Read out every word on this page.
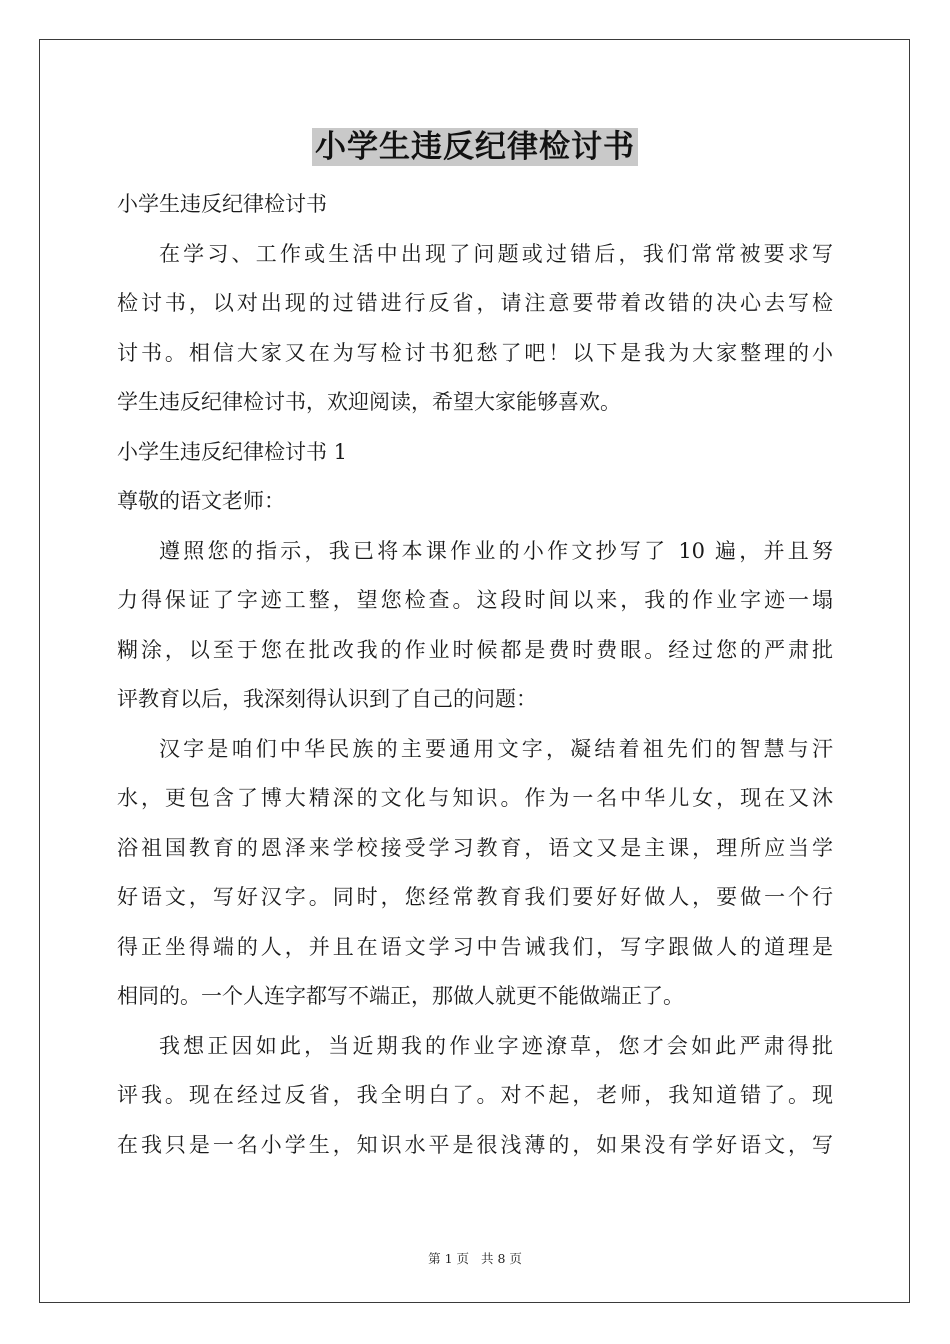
小学生违反纪律检讨书

小学生违反纪律检讨书

在学习、工作或生活中出现了问题或过错后，我们常常被要求写
检讨书，以对出现的过错进行反省，请注意要带着改错的决心去写检
讨书。相信大家又在为写检讨书犯愁了吧！以下是我为大家整理的小
学生违反纪律检讨书，欢迎阅读，希望大家能够喜欢。

小学生违反纪律检讨书 1

尊敬的语文老师：

遵照您的指示，我已将本课作业的小作文抄写了 10 遍，并且努
力得保证了字迹工整，望您检查。这段时间以来，我的作业字迹一塌
糊涂，以至于您在批改我的作业时候都是费时费眼。经过您的严肃批
评教育以后，我深刻得认识到了自己的问题：

汉字是咱们中华民族的主要通用文字，凝结着祖先们的智慧与汗
水，更包含了博大精深的文化与知识。作为一名中华儿女，现在又沐
浴祖国教育的恩泽来学校接受学习教育，语文又是主课，理所应当学
好语文，写好汉字。同时，您经常教育我们要好好做人，要做一个行
得正坐得端的人，并且在语文学习中告诫我们，写字跟做人的道理是
相同的。一个人连字都写不端正，那做人就更不能做端正了。

我想正因如此，当近期我的作业字迹潦草，您才会如此严肃得批
评我。现在经过反省，我全明白了。对不起，老师，我知道错了。现
在我只是一名小学生，知识水平是很浅薄的，如果没有学好语文，写

第 1 页 共 8 页
